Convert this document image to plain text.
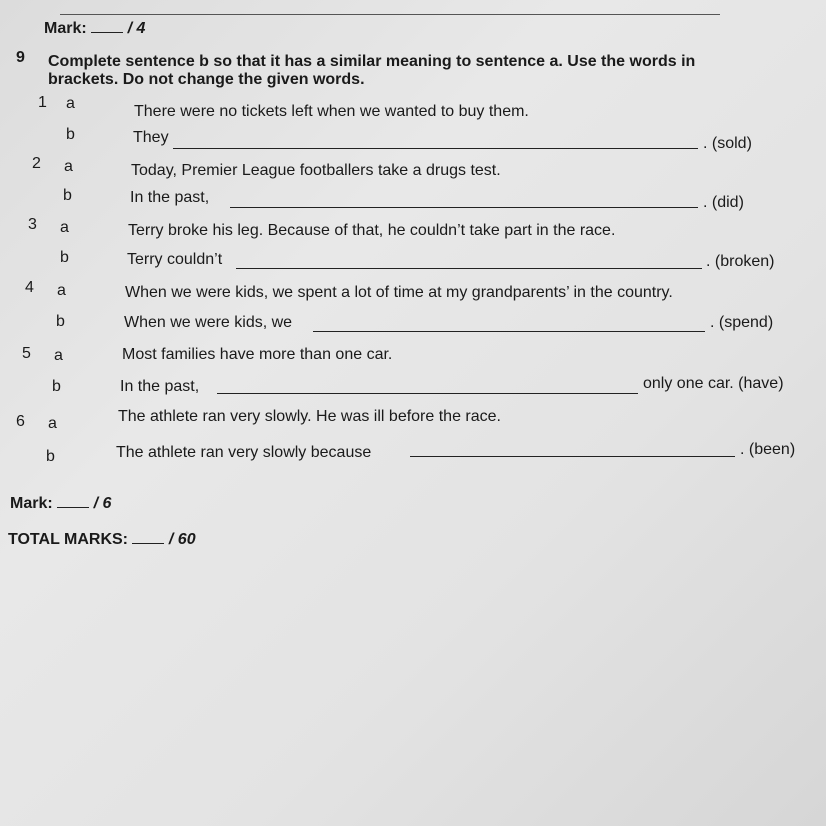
Mark:	/ 4
9 Complete sentence b so that it has a similar meaning to sentence a. Use the words in
brackets. Do not change the given words.
1 a	There were no tickets left when we wanted to buy them.
b	They	. (sold)
2 a	Today, Premier League footballers take a drugs test.
b	In the past,	. (did)
3 a	Terry broke his leg. Because of that, he couldn’t take part in the race.
b	Terry couldn’t	. (broken)
4 a	When we were kids, we spent a lot of time at my grandparents’ in the country.
b	When we were kids, we	. (spend)
5 a	Most families have more than one car.
b	In the past,	only one car. (have)
6 a	The athlete ran very slowly. He was ill before the race.
b	The athlete ran very slowly because	. (been)
Mark:	/ 6
TOTAL MARKS:	/ 60
